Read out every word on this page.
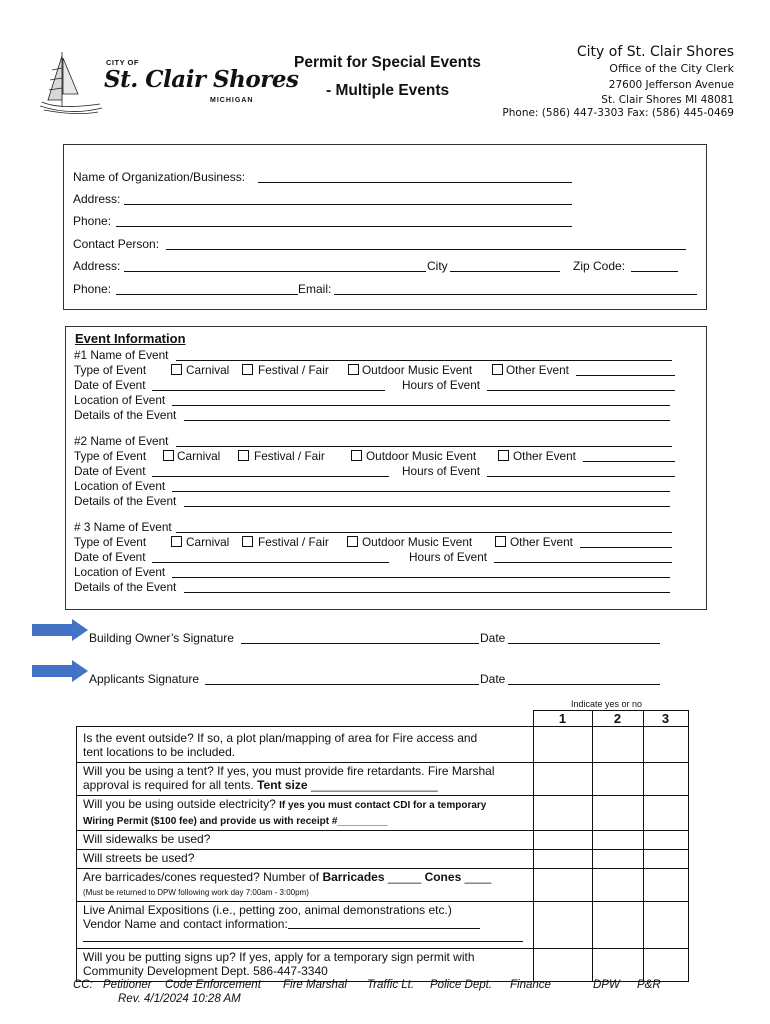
CITY OF
St. Clair Shores
MICHIGAN
Permit for Special Events
- Multiple Events
City of St. Clair Shores
Office of the City Clerk
27600 Jefferson Avenue
St. Clair Shores MI 48081
Phone: (586) 447-3303 Fax: (586) 445-0469
Name of Organization/Business:
Address:
Phone:
Contact Person:
Address:	City	Zip Code:
Phone:	Email:
Event Information
#1 Name of Event
Type of Event	Carnival Festival / Fair	Outdoor Music Event	Other Event
Date of Event	Hours of Event
Location of Event
Details of the Event
#2 Name of Event
Type of Event	Carnival	Festival / Fair	Outdoor Music Event	Other Event
Date of Event	Hours of Event
Location of Event
Details of the Event
# 3 Name of Event
Type of Event	Carnival Festival / Fair	Outdoor Music Event	Other Event
Date of Event	Hours of Event
Location of Event
Details of the Event
Building Owner’s Signature	Date
Applicants Signature	Date
Indicate yes or no
	1	2	3
Is the event outside? If so, a plot plan/mapping of area for Fire access and
tent locations to be included.			
Will you be using a tent? If yes, you must provide fire retardants. Fire Marshal
approval is required for all tents. Tent size ___________________			
Will you be using outside electricity? If yes you must contact CDI for a temporary
Wiring Permit ($100 fee) and provide us with receipt #_________			
Will sidewalks be used?			
Will streets be used?			
Are barricades/cones requested? Number of Barricades _____ Cones ____
(Must be returned to DPW following work day 7:00am - 3:00pm)			
Live Animal Expositions (i.e., petting zoo, animal demonstrations etc.)
Vendor Name and contact information:

Will you be putting signs up? If yes, apply for a temporary sign permit with
Community Development Dept. 586-447-3340			
CC: Petitioner Code Enforcement Fire Marshal Traffic Lt. Police Dept. Finance	DPW P&R
Rev. 4/1/2024 10:28 AM
